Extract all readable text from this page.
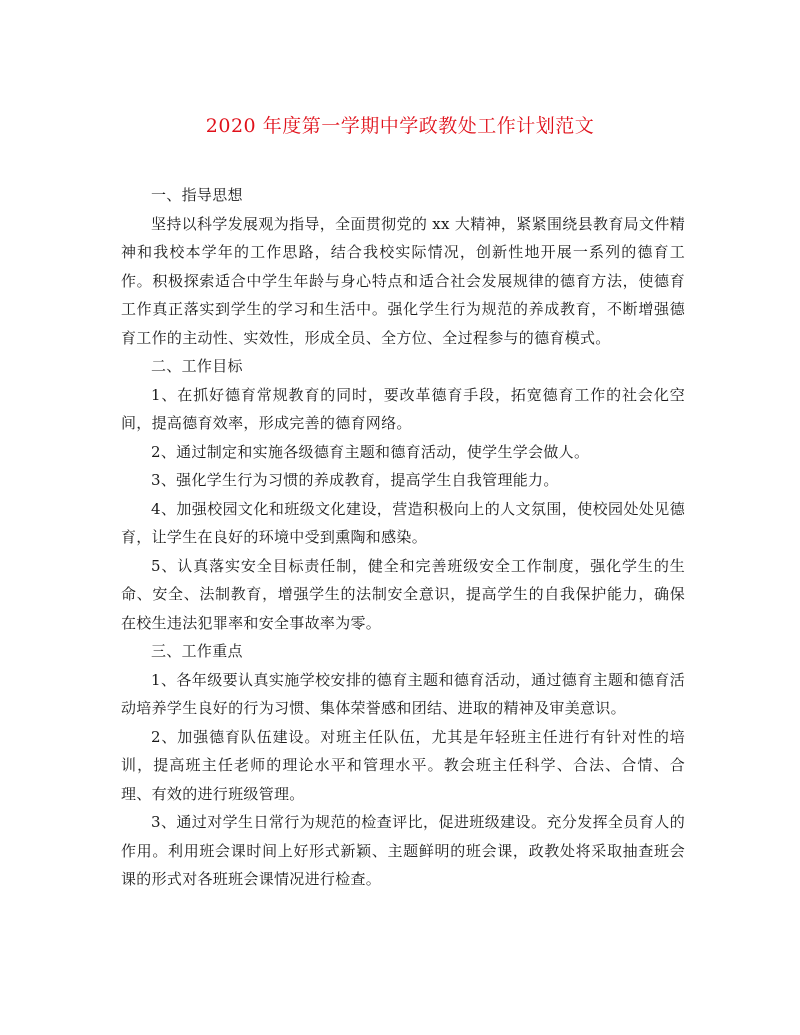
2020 年度第一学期中学政教处工作计划范文

一、指导思想

坚持以科学发展观为指导，全面贯彻党的 xx 大精神，紧紧围绕县教育局文件精神和我校本学年的工作思路，结合我校实际情况，创新性地开展一系列的德育工作。积极探索适合中学生年龄与身心特点和适合社会发展规律的德育方法，使德育工作真正落实到学生的学习和生活中。强化学生行为规范的养成教育，不断增强德育工作的主动性、实效性，形成全员、全方位、全过程参与的德育模式。

二、工作目标

1、在抓好德育常规教育的同时，要改革德育手段，拓宽德育工作的社会化空间，提高德育效率，形成完善的德育网络。

2、通过制定和实施各级德育主题和德育活动，使学生学会做人。

3、强化学生行为习惯的养成教育，提高学生自我管理能力。

4、加强校园文化和班级文化建设，营造积极向上的人文氛围，使校园处处见德育，让学生在良好的环境中受到熏陶和感染。

5、认真落实安全目标责任制，健全和完善班级安全工作制度，强化学生的生命、安全、法制教育，增强学生的法制安全意识，提高学生的自我保护能力，确保在校生违法犯罪率和安全事故率为零。

三、工作重点

1、各年级要认真实施学校安排的德育主题和德育活动，通过德育主题和德育活动培养学生良好的行为习惯、集体荣誉感和团结、进取的精神及审美意识。

2、加强德育队伍建设。对班主任队伍，尤其是年轻班主任进行有针对性的培训，提高班主任老师的理论水平和管理水平。教会班主任科学、合法、合情、合理、有效的进行班级管理。

3、通过对学生日常行为规范的检查评比，促进班级建设。充分发挥全员育人的作用。利用班会课时间上好形式新颖、主题鲜明的班会课，政教处将采取抽查班会课的形式对各班班会课情况进行检查。
